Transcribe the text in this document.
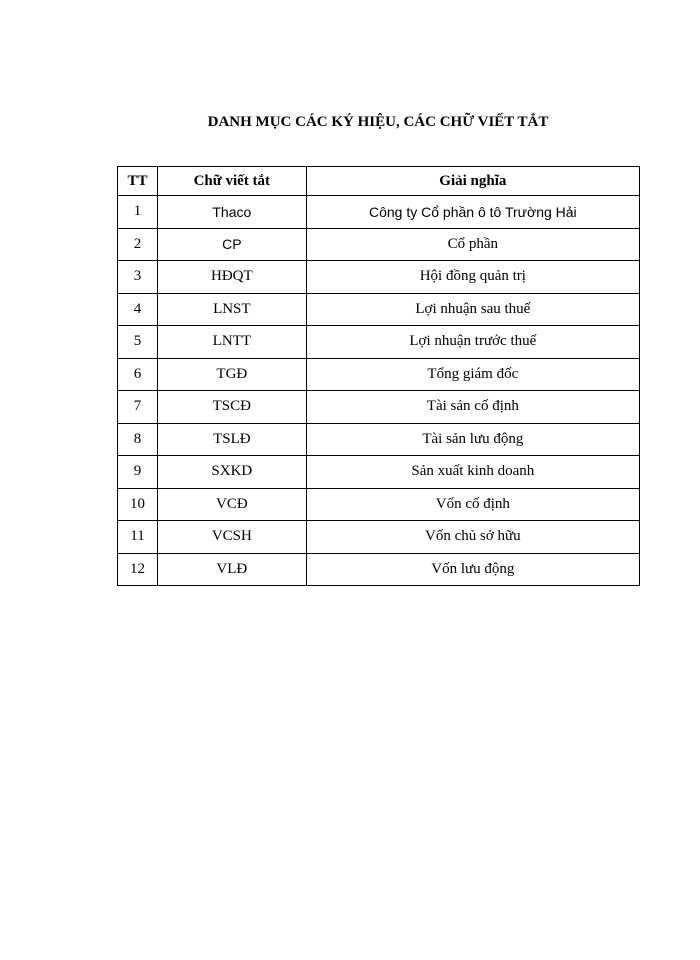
DANH MỤC CÁC KÝ HIỆU, CÁC CHỮ VIẾT TẮT
TT	Chữ viết tắt	Giải nghĩa
1	Thaco	Công ty Cổ phần ô tô Trường Hải
2	CP	Cổ phần
3	HĐQT	Hội đồng quản trị
4	LNST	Lợi nhuận sau thuế
5	LNTT	Lợi nhuận trước thuế
6	TGĐ	Tổng giám đốc
7	TSCĐ	Tài sản cố định
8	TSLĐ	Tài sản lưu động
9	SXKD	Sản xuất kinh doanh
10	VCĐ	Vốn cố định
11	VCSH	Vốn chủ sở hữu
12	VLĐ	Vốn lưu động
